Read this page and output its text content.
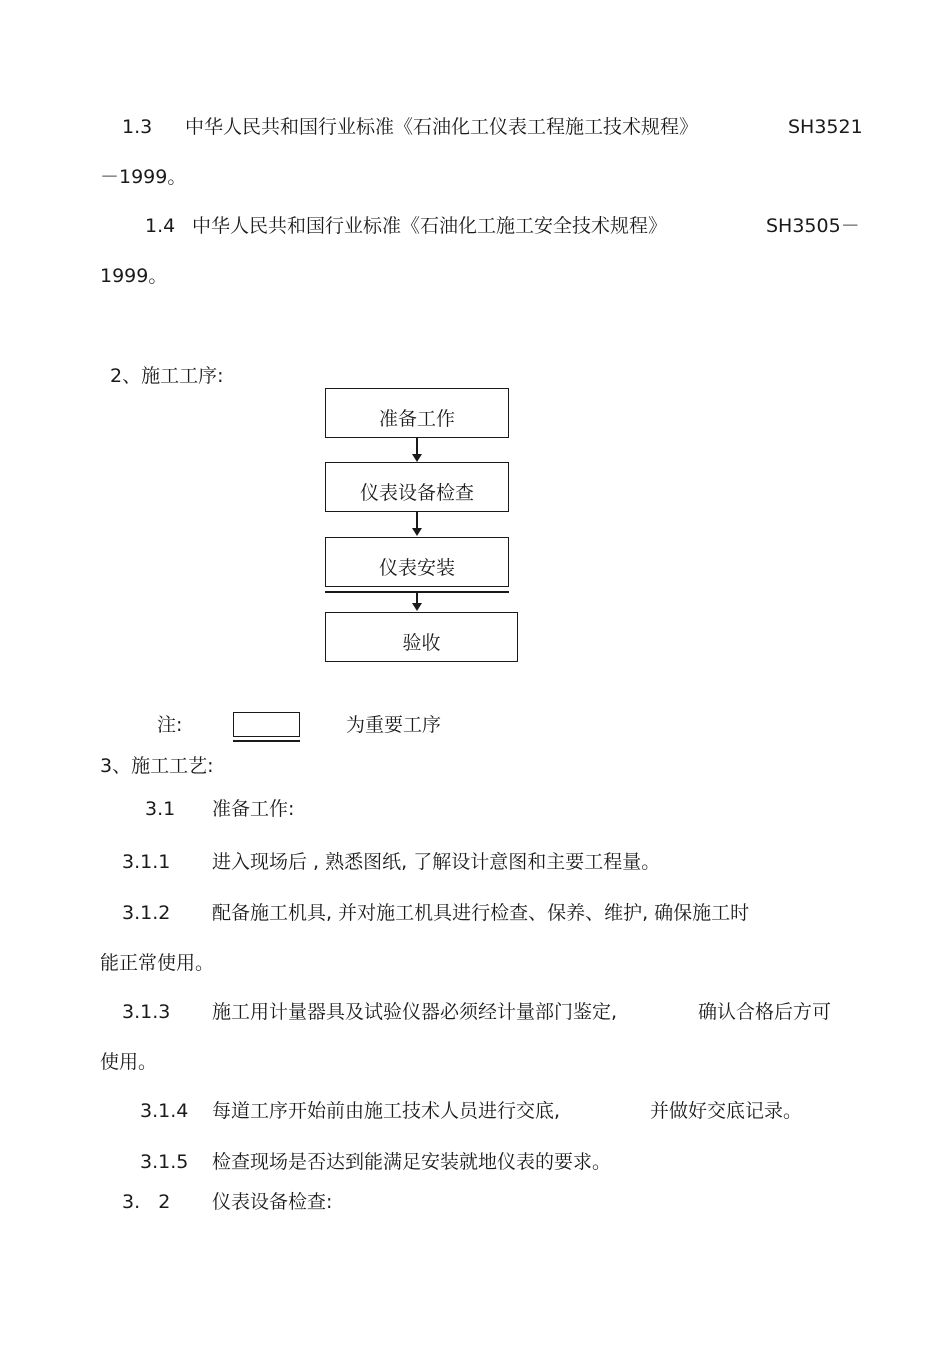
1.3 中华人民共和国行业标准《石油化工仪表工程施工技术规程》	SH3521
－1999。
1.4 中华人民共和国行业标准《石油化工施工安全技术规程》	SH3505－
1999。
2、施工工序:
准备工作
仪表设备检查
仪表安装
验收
注:	为重要工序
3、施工工艺:
3.1 准备工作:
3.1.1 进入现场后 , 熟悉图纸, 了解设计意图和主要工程量。
3.1.2 配备施工机具, 并对施工机具进行检查、保养、维护, 确保施工时
能正常使用。
3.1.3 施工用计量器具及试验仪器必须经计量部门鉴定,	确认合格后方可
使用。
3.1.4 每道工序开始前由施工技术人员进行交底,	并做好交底记录。
3.1.5 检查现场是否达到能满足安装就地仪表的要求。
3.   2 仪表设备检查:
